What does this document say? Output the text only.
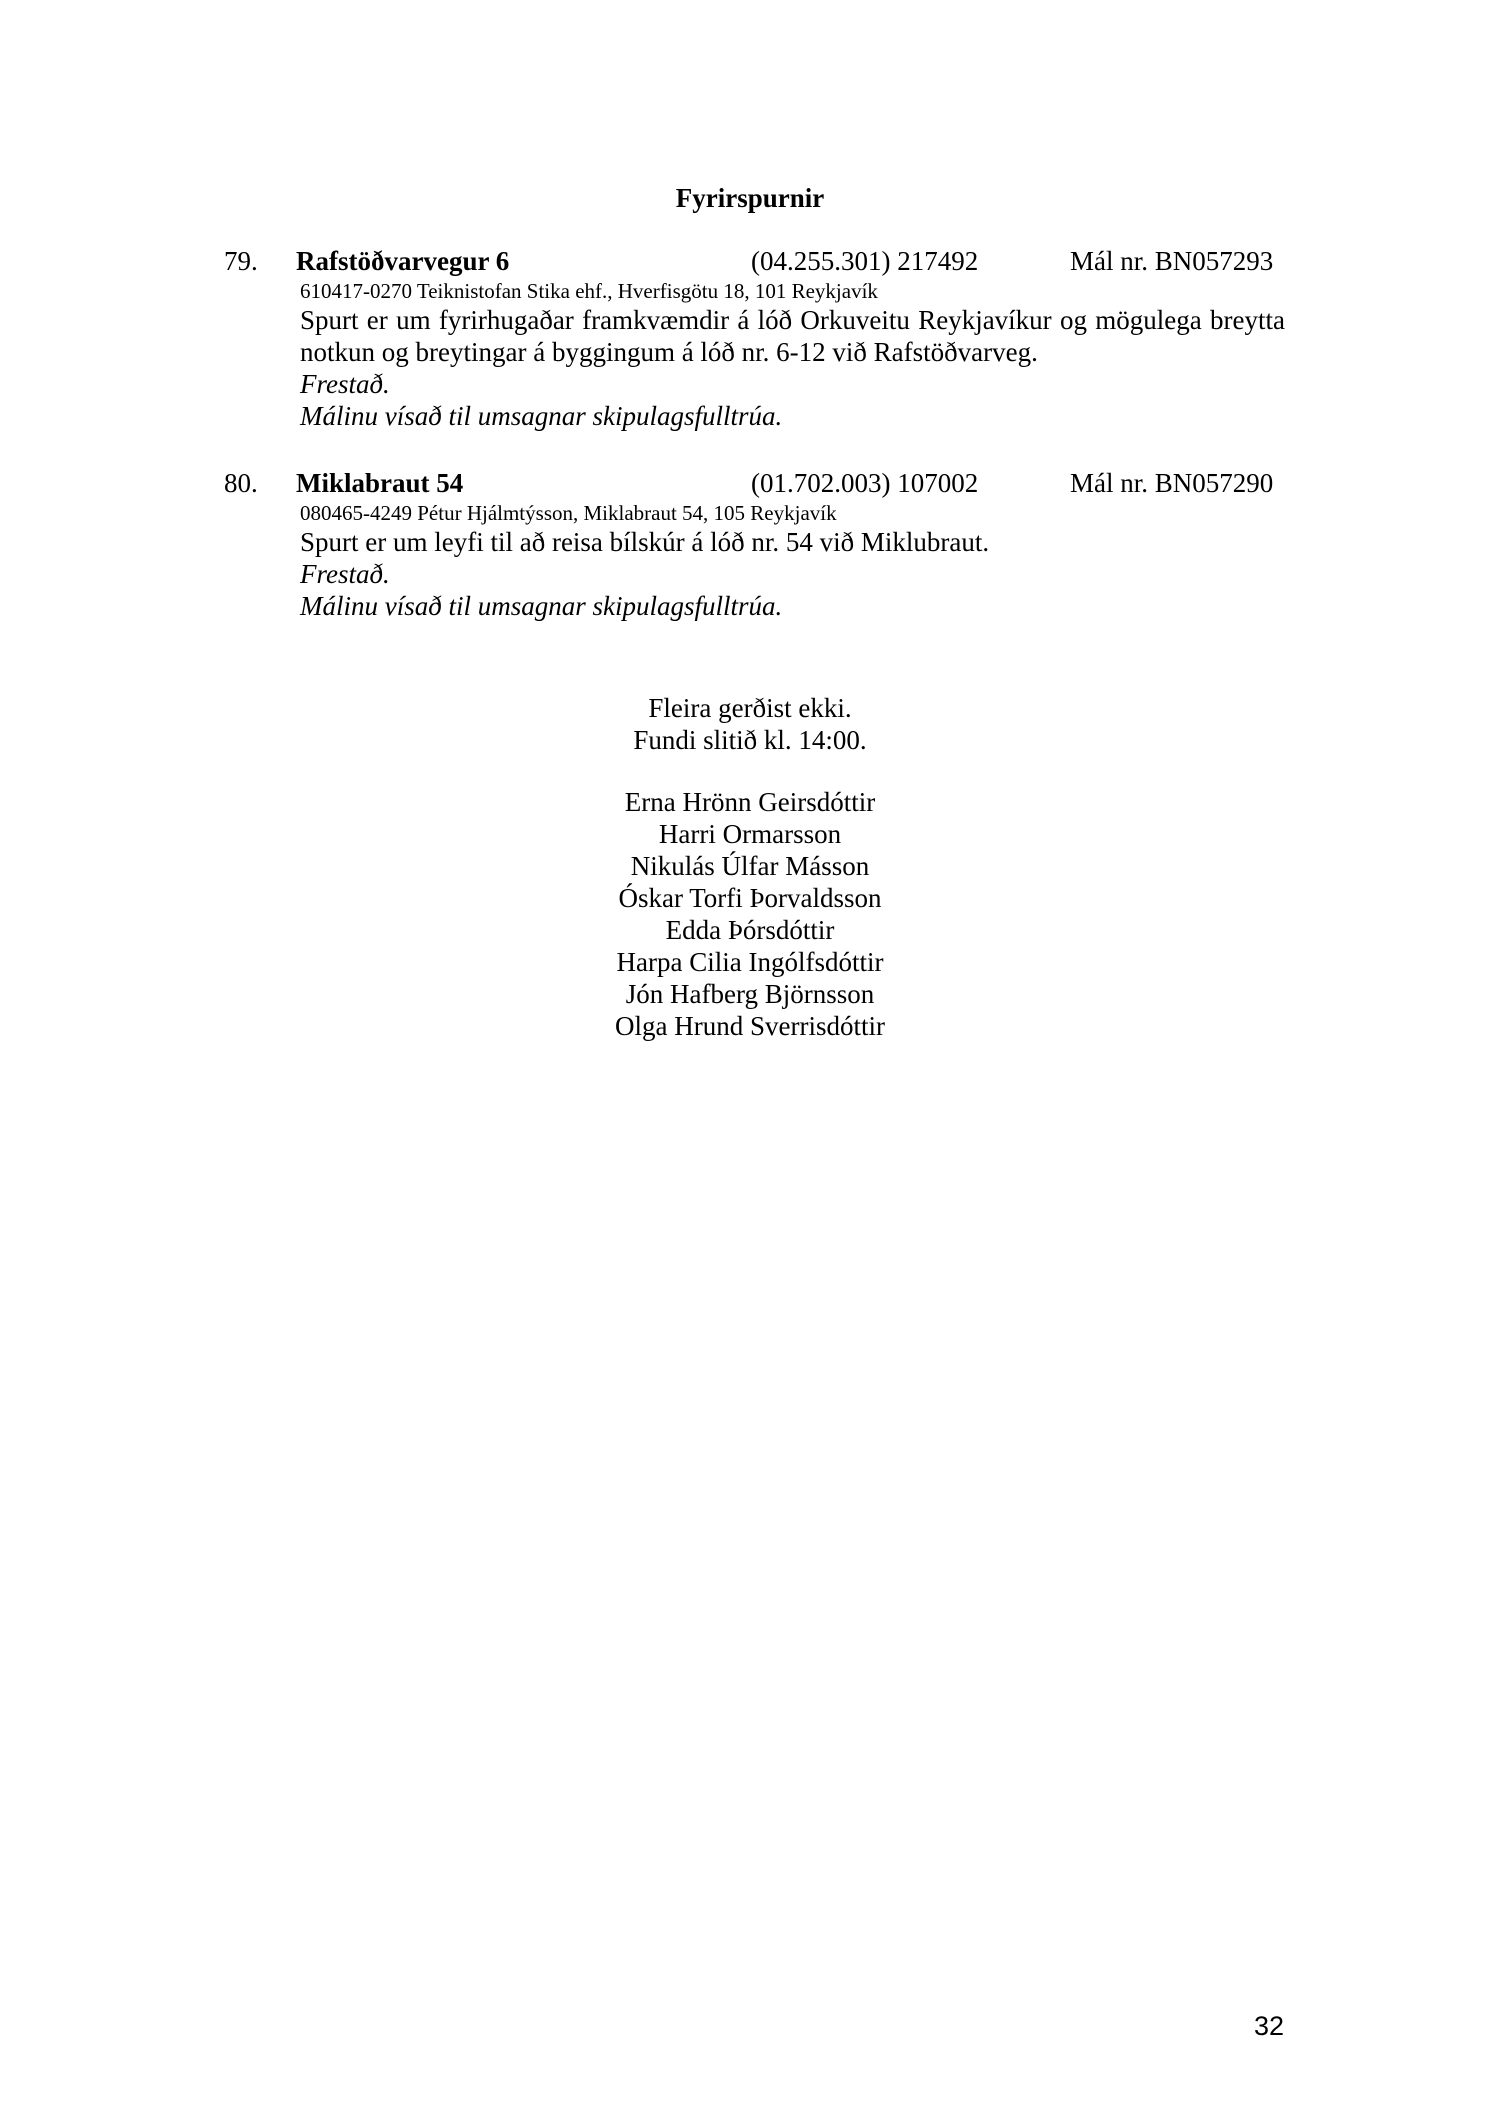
Fyrirspurnir
79. Rafstöðvarvegur 6	(04.255.301) 217492	Mál nr. BN057293
610417-0270 Teiknistofan Stika ehf., Hverfisgötu 18, 101 Reykjavík
Spurt er um fyrirhugaðar framkvæmdir á lóð Orkuveitu Reykjavíkur og mögulega breytta notkun og breytingar á byggingum á lóð nr. 6-12 við Rafstöðvarveg.
Frestað.
Málinu vísað til umsagnar skipulagsfulltrúa.
80. Miklabraut 54	(01.702.003) 107002	Mál nr. BN057290
080465-4249 Pétur Hjálmtýsson, Miklabraut 54, 105 Reykjavík
Spurt er um leyfi til að reisa bílskúr á lóð nr. 54 við Miklubraut.
Frestað.
Málinu vísað til umsagnar skipulagsfulltrúa.
Fleira gerðist ekki.
Fundi slitið kl. 14:00.
Erna Hrönn Geirsdóttir
Harri Ormarsson
Nikulás Úlfar Másson
Óskar Torfi Þorvaldsson
Edda Þórsdóttir
Harpa Cilia Ingólfsdóttir
Jón Hafberg Björnsson
Olga Hrund Sverrisdóttir
32
